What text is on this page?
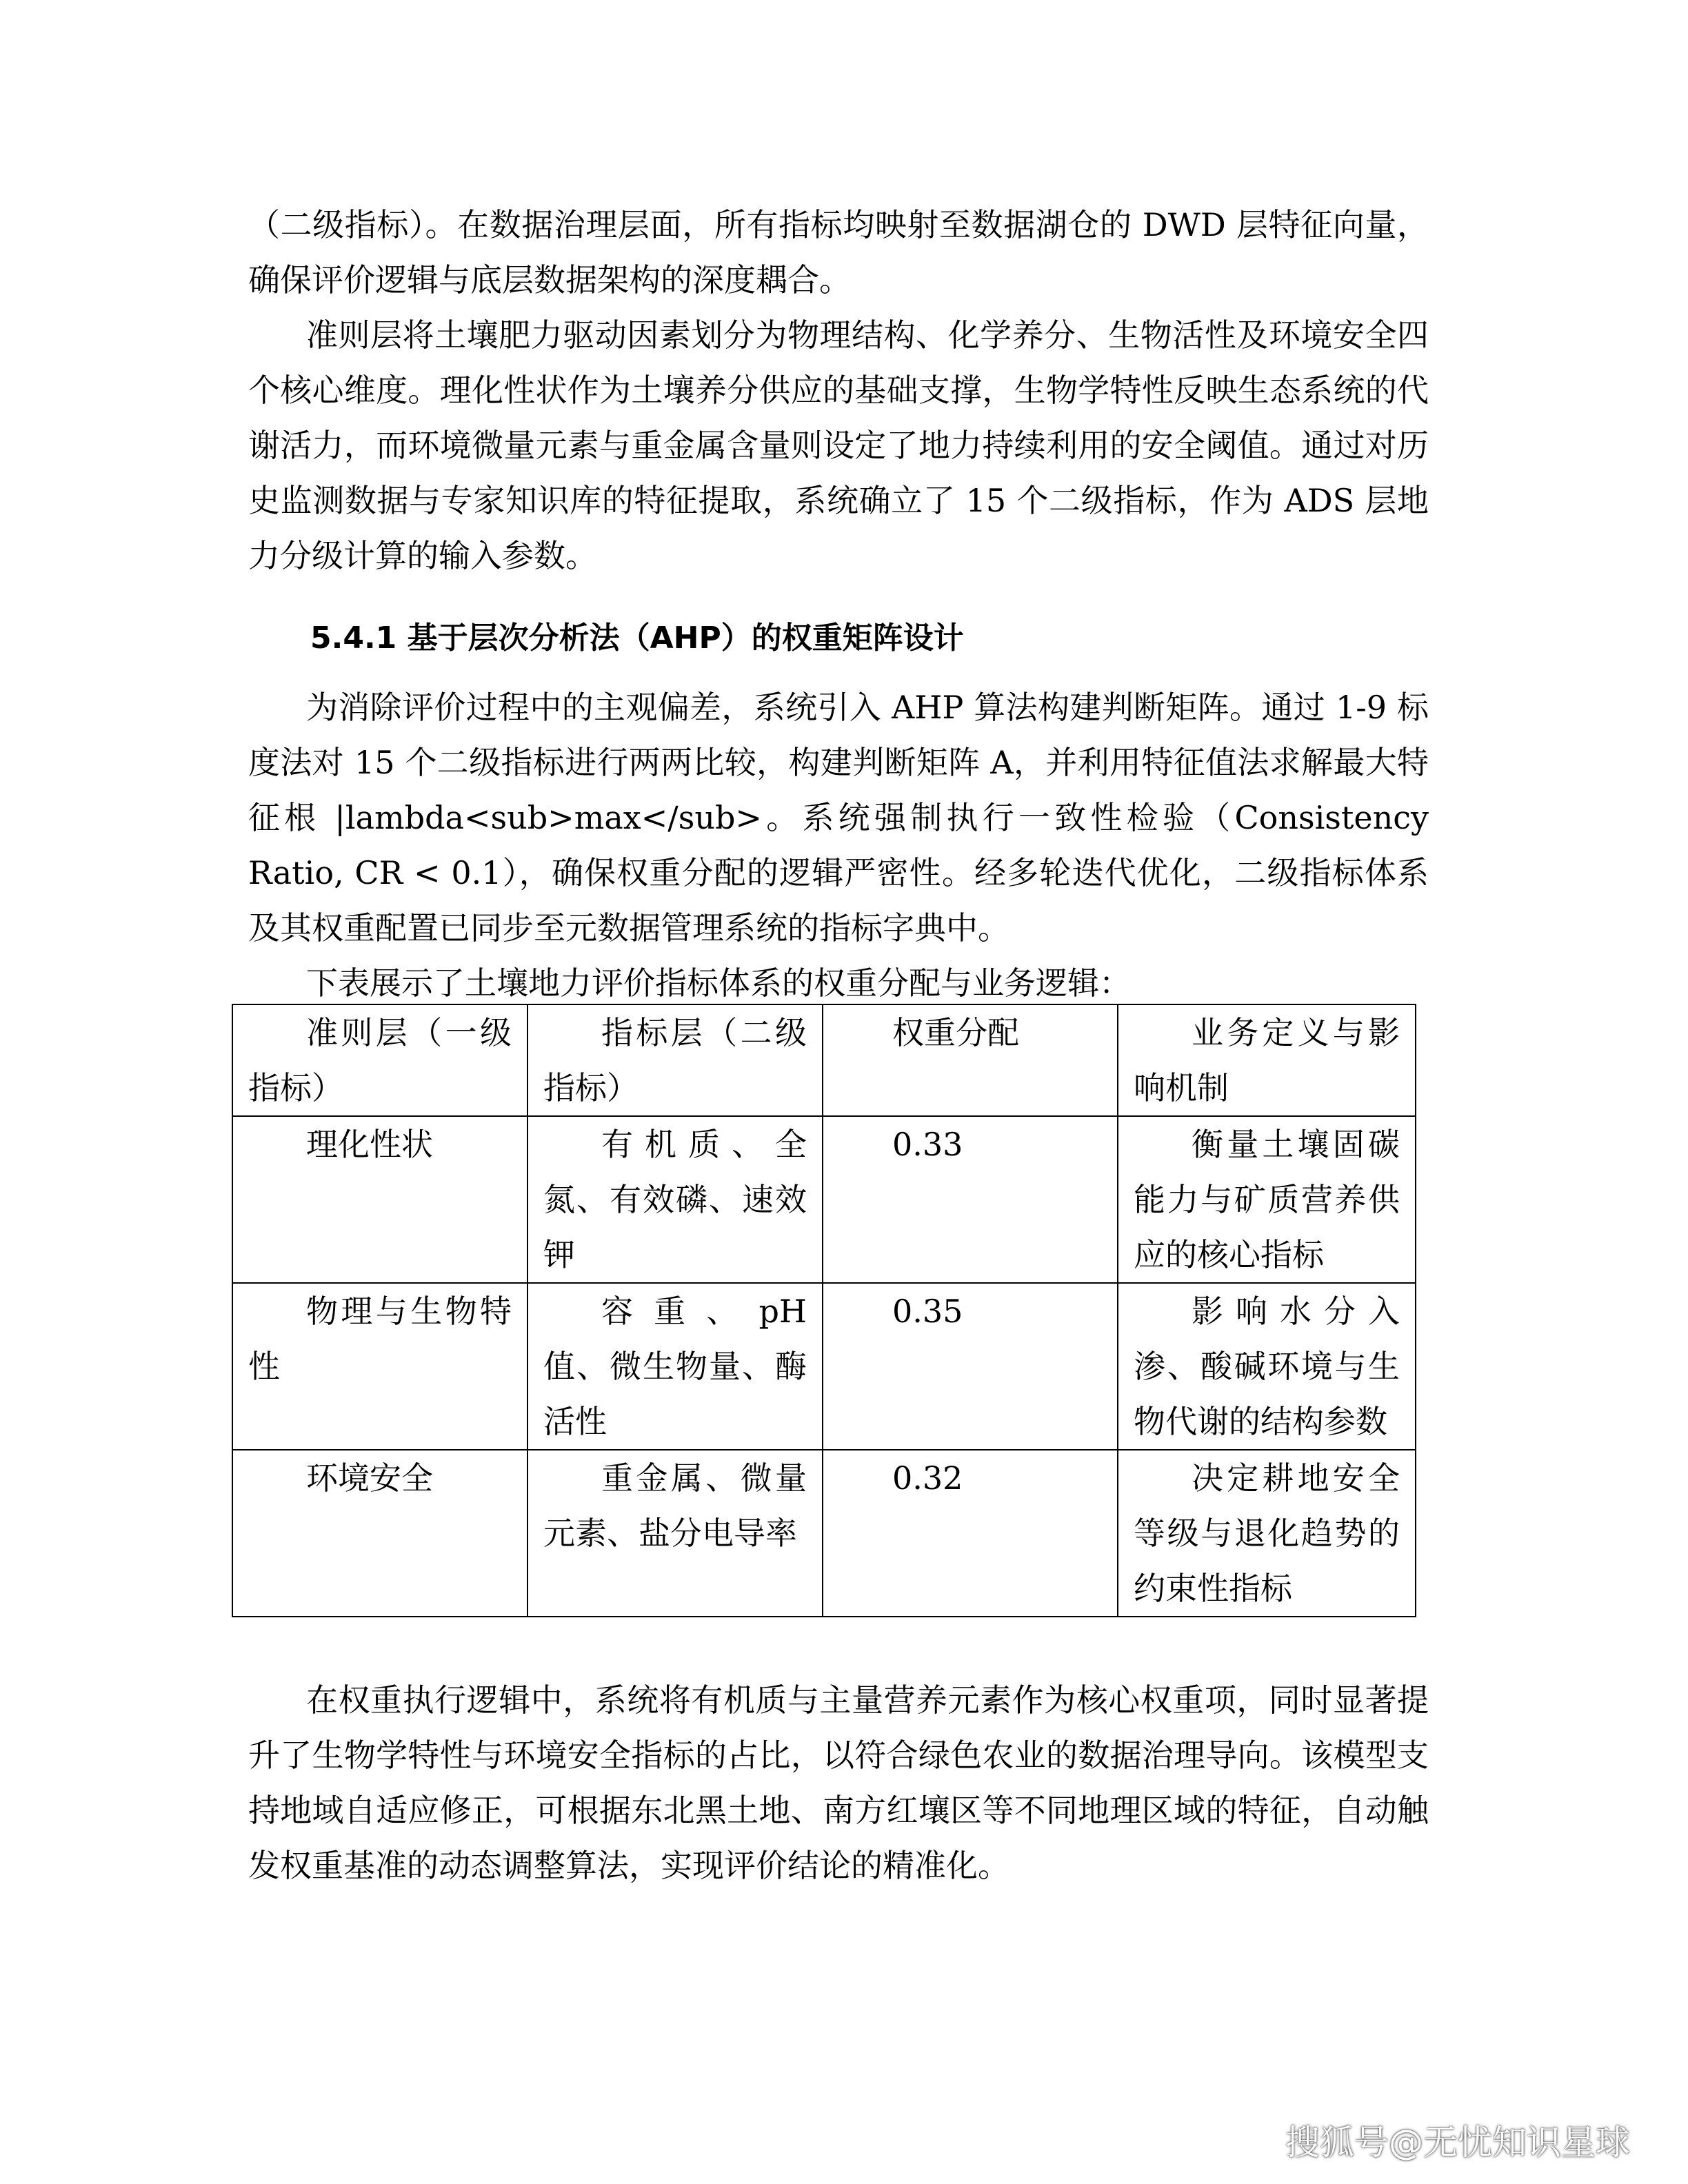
（二级指标）。在数据治理层面，所有指标均映射至数据湖仓的 DWD 层特征向量，确保评价逻辑与底层数据架构的深度耦合。

准则层将土壤肥力驱动因素划分为物理结构、化学养分、生物活性及环境安全四个核心维度。理化性状作为土壤养分供应的基础支撑，生物学特性反映生态系统的代谢活力，而环境微量元素与重金属含量则设定了地力持续利用的安全阈值。通过对历史监测数据与专家知识库的特征提取，系统确立了 15 个二级指标，作为 ADS 层地力分级计算的输入参数。

5.4.1 基于层次分析法（AHP）的权重矩阵设计

为消除评价过程中的主观偏差，系统引入 AHP 算法构建判断矩阵。通过 1-9 标度法对 15 个二级指标进行两两比较，构建判断矩阵 A，并利用特征值法求解最大特征根 |lambda<sub>max</sub>。系统强制执行一致性检验（Consistency Ratio, CR < 0.1），确保权重分配的逻辑严密性。经多轮迭代优化，二级指标体系及其权重配置已同步至元数据管理系统的指标字典中。

下表展示了土壤地力评价指标体系的权重分配与业务逻辑：

准则层（一级指标）	指标层（二级指标）	权重分配	业务定义与影响机制

理化性状	有机质、全氮、有效磷、速效钾	0.33	衡量土壤固碳能力与矿质营养供应的核心指标

物理与生物特性	容重、pH 值、微生物量、酶活性	0.35	影响水分入渗、酸碱环境与生物代谢的结构参数

环境安全	重金属、微量元素、盐分电导率	0.32	决定耕地安全等级与退化趋势的约束性指标

在权重执行逻辑中，系统将有机质与主量营养元素作为核心权重项，同时显著提升了生物学特性与环境安全指标的占比，以符合绿色农业的数据治理导向。该模型支持地域自适应修正，可根据东北黑土地、南方红壤区等不同地理区域的特征，自动触发权重基准的动态调整算法，实现评价结论的精准化。

搜狐号@无忧知识星球
